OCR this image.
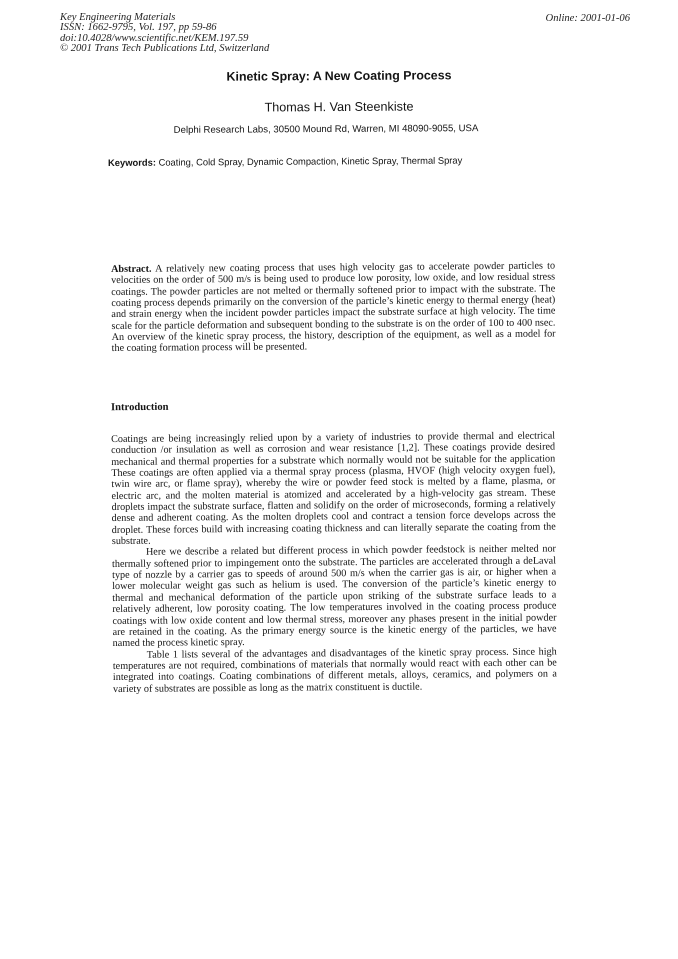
Key Engineering Materials
ISSN: 1662-9795, Vol. 197, pp 59-86
doi:10.4028/www.scientific.net/KEM.197.59
© 2001 Trans Tech Publications Ltd, Switzerland
Online: 2001-01-06
Kinetic Spray: A New Coating Process
Thomas H. Van Steenkiste
Delphi Research Labs, 30500 Mound Rd, Warren, MI 48090-9055, USA
Keywords: Coating, Cold Spray, Dynamic Compaction, Kinetic Spray, Thermal Spray

Abstract. A relatively new coating process that uses high velocity gas to accelerate powder particles to velocities on the order of 500 m/s is being used to produce low porosity, low oxide, and low residual stress coatings. The powder particles are not melted or thermally softened prior to impact with the substrate. The coating process depends primarily on the conversion of the particle’s kinetic energy to thermal energy (heat) and strain energy when the incident powder particles impact the substrate surface at high velocity. The time scale for the particle deformation and subsequent bonding to the substrate is on the order of 100 to 400 nsec. An overview of the kinetic spray process, the history, description of the equipment, as well as a model for the coating formation process will be presented.

Introduction

Coatings are being increasingly relied upon by a variety of industries to provide thermal and electrical conduction /or insulation as well as corrosion and wear resistance [1,2]. These coatings provide desired mechanical and thermal properties for a substrate which normally would not be suitable for the application These coatings are often applied via a thermal spray process (plasma, HVOF (high velocity oxygen fuel), twin wire arc, or flame spray), whereby the wire or powder feed stock is melted by a flame, plasma, or electric arc, and the molten material is atomized and accelerated by a high-velocity gas stream. These droplets impact the substrate surface, flatten and solidify on the order of microseconds, forming a relatively dense and adherent coating. As the molten droplets cool and contract a tension force develops across the droplet. These forces build with increasing coating thickness and can literally separate the coating from the substrate.

Here we describe a related but different process in which powder feedstock is neither melted nor thermally softened prior to impingement onto the substrate. The particles are accelerated through a deLaval type of nozzle by a carrier gas to speeds of around 500 m/s when the carrier gas is air, or higher when a lower molecular weight gas such as helium is used. The conversion of the particle’s kinetic energy to thermal and mechanical deformation of the particle upon striking of the substrate surface leads to a relatively adherent, low porosity coating. The low temperatures involved in the coating process produce coatings with low oxide content and low thermal stress, moreover any phases present in the initial powder are retained in the coating. As the primary energy source is the kinetic energy of the particles, we have named the process kinetic spray.

Table 1 lists several of the advantages and disadvantages of the kinetic spray process. Since high temperatures are not required, combinations of materials that normally would react with each other can be integrated into coatings. Coating combinations of different metals, alloys, ceramics, and polymers on a variety of substrates are possible as long as the matrix constituent is ductile.
